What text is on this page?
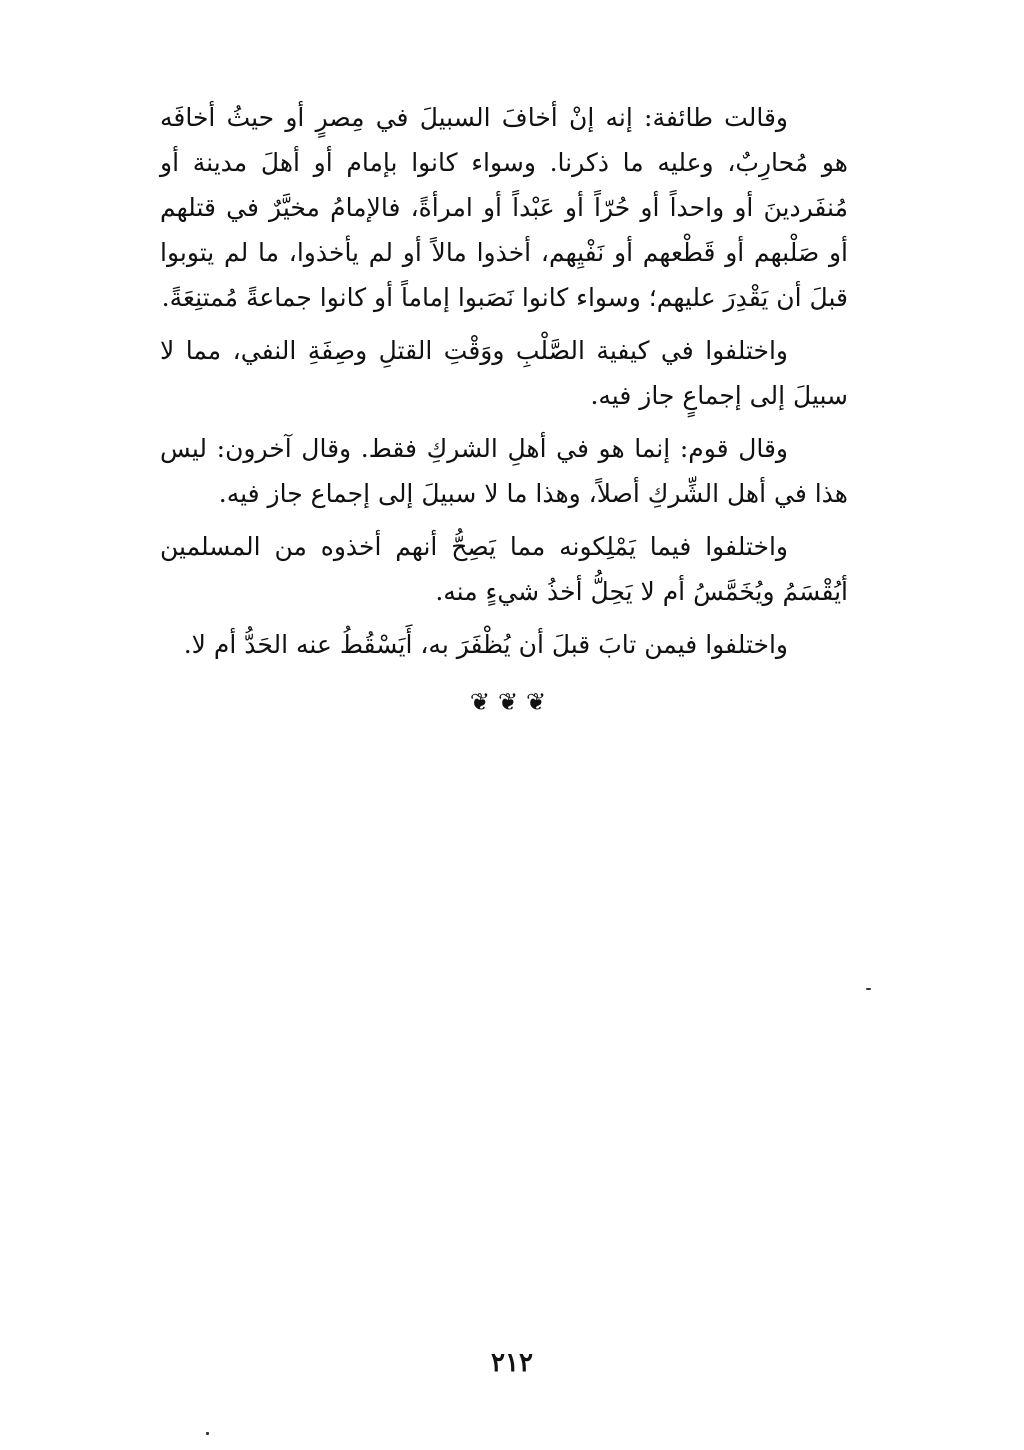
وقالت طائفة: إنه إنْ أخافَ السبيلَ في مِصرٍ أو حيثُ أخافَه هو مُحارِبٌ، وعليه ما ذكرنا. وسواء كانوا بإمام أو أهلَ مدينة أو مُنفَردينَ أو واحداً أو حُرّاً أو عَبْداً أو امرأةً، فالإمامُ مخيَّرٌ في قتلهم أو صَلْبهم أو قَطْعهم أو نَفْيِهم، أخذوا مالاً أو لم يأخذوا، ما لم يتوبوا قبلَ أن يَقْدِرَ عليهم؛ وسواء كانوا نَصَبوا إماماً أو كانوا جماعةً مُمتنِعَةً.

واختلفوا في كيفية الصَّلْبِ ووَقْتِ القتلِ وصِفَةِ النفي، مما لا سبيلَ إلى إجماعٍ جاز فيه.

وقال قوم: إنما هو في أهلِ الشركِ فقط. وقال آخرون: ليس هذا في أهل الشِّركِ أصلاً، وهذا ما لا سبيلَ إلى إجماع جاز فيه.

واختلفوا فيما يَمْلِكونه مما يَصِحُّ أنهم أخذوه من المسلمين أيُقْسَمُ ويُخَمَّسُ أم لا يَحِلُّ أخذُ شيءٍ منه.

واختلفوا فيمن تابَ قبلَ أن يُظْفَرَ به، أَيَسْقُطُ عنه الحَدُّ أم لا.

❦❦❦
٢١٢
